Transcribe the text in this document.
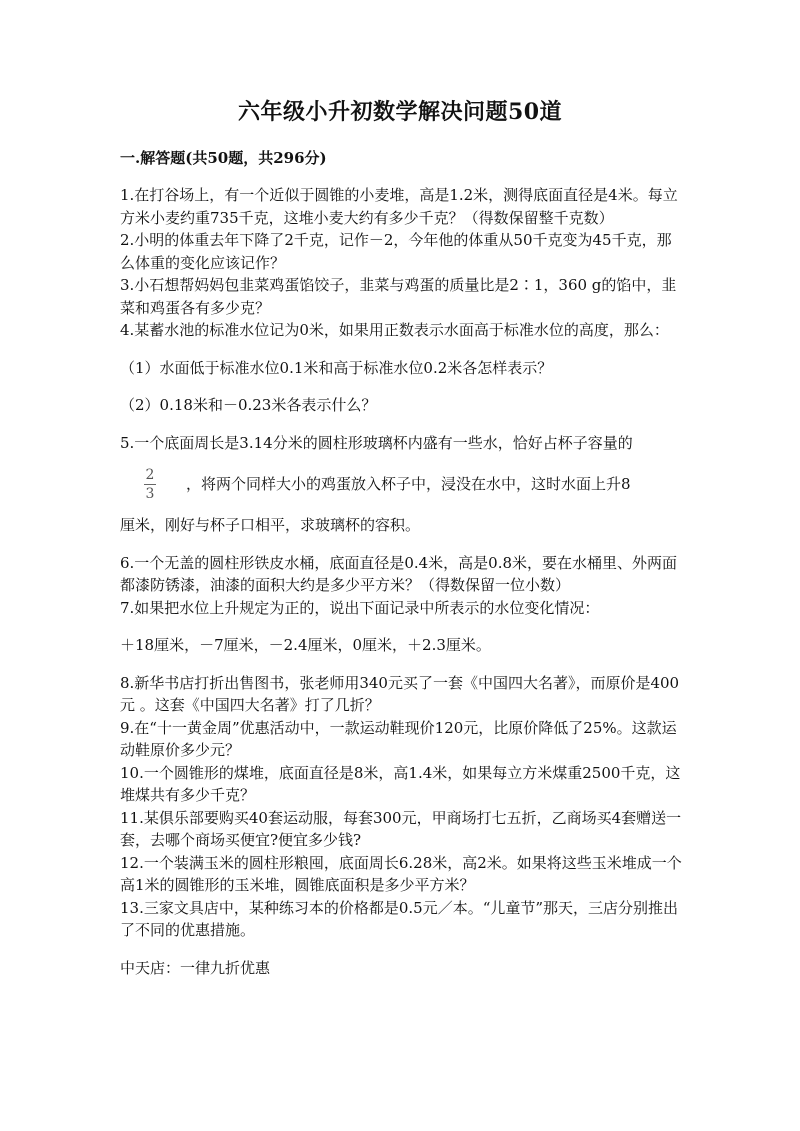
六年级小升初数学解决问题50道
一.解答题(共50题，共296分)

1.在打谷场上，有一个近似于圆锥的小麦堆，高是1.2米，测得底面直径是4米。每立方米小麦约重735千克，这堆小麦大约有多少千克？（得数保留整千克数）

2.小明的体重去年下降了2千克，记作－2，今年他的体重从50千克变为45千克，那么体重的变化应该记作？

3.小石想帮妈妈包韭菜鸡蛋馅饺子，韭菜与鸡蛋的质量比是2∶1，360 g的馅中，韭菜和鸡蛋各有多少克？

4.某蓄水池的标准水位记为0米，如果用正数表示水面高于标准水位的高度，那么：

（1）水面低于标准水位0.1米和高于标准水位0.2米各怎样表示？

（2）0.18米和－0.23米各表示什么？

5.一个底面周长是3.14分米的圆柱形玻璃杯内盛有一些水，恰好占杯子容量的

$\frac{2}{3}$ ，将两个同样大小的鸡蛋放入杯子中，浸没在水中，这时水面上升8

厘米，刚好与杯子口相平，求玻璃杯的容积。

6.一个无盖的圆柱形铁皮水桶，底面直径是0.4米，高是0.8米，要在水桶里、外两面都漆防锈漆，油漆的面积大约是多少平方米？（得数保留一位小数）

7.如果把水位上升规定为正的，说出下面记录中所表示的水位变化情况：

＋18厘米，－7厘米，－2.4厘米，0厘米，＋2.3厘米。

8.新华书店打折出售图书，张老师用340元买了一套《中国四大名著》，而原价是400元 。这套《中国四大名著》打了几折？

9.在“十一黄金周”优惠活动中，一款运动鞋现价120元，比原价降低了25%。这款运动鞋原价多少元？

10.一个圆锥形的煤堆，底面直径是8米，高1.4米，如果每立方米煤重2500千克，这堆煤共有多少千克？

11.某俱乐部要购买40套运动服，每套300元，甲商场打七五折，乙商场买4套赠送一套，去哪个商场买便宜?便宜多少钱?

12.一个装满玉米的圆柱形粮囤，底面周长6.28米，高2米。如果将这些玉米堆成一个高1米的圆锥形的玉米堆，圆锥底面积是多少平方米？

13.三家文具店中，某种练习本的价格都是0.5元／本。“儿童节”那天，三店分别推出了不同的优惠措施。

中天店：一律九折优惠
